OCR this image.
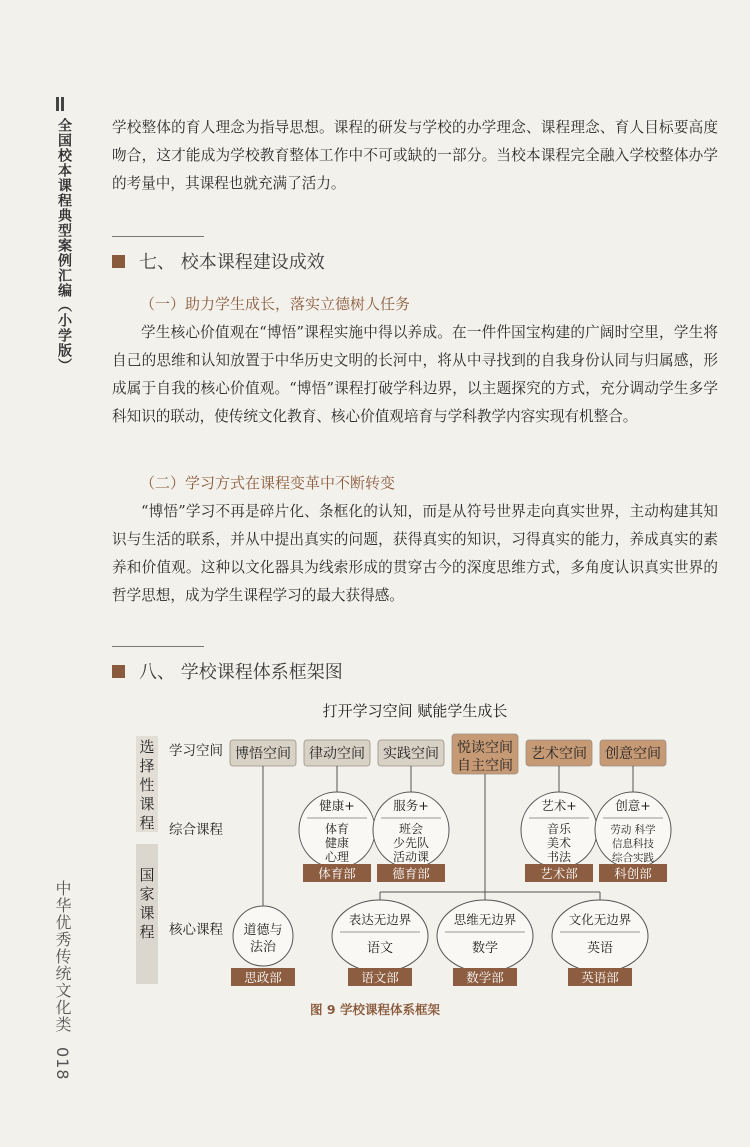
全国校本课程典型案例汇编（小学版）
中华优秀传统文化类018

学校整体的育人理念为指导思想。课程的研发与学校的办学理念、课程理念、育人目标要高度吻合，这才能成为学校教育整体工作中不可或缺的一部分。当校本课程完全融入学校整体办学的考量中，其课程也就充满了活力。

七、 校本课程建设成效
（一）助力学生成长，落实立德树人任务

学生核心价值观在“博悟”课程实施中得以养成。在一件件国宝构建的广阔时空里，学生将自己的思维和认知放置于中华历史文明的长河中，将从中寻找到的自我身份认同与归属感，形成属于自我的核心价值观。“博悟”课程打破学科边界，以主题探究的方式，充分调动学生多学科知识的联动，使传统文化教育、核心价值观培育与学科教学内容实现有机整合。

（二）学习方式在课程变革中不断转变

“博悟”学习不再是碎片化、条框化的认知，而是从符号世界走向真实世界，主动构建其知识与生活的联系，并从中提出真实的问题，获得真实的知识，习得真实的能力，养成真实的素养和价值观。这种以文化器具为线索形成的贯穿古今的深度思维方式，多角度认识真实世界的哲学思想，成为学生课程学习的最大获得感。

八、 学校课程体系框架图
打开学习空间 赋能学生成长
选
择
性
课
程
国
家
课
程
学习空间
综合课程
核心课程
博悟空间 律动空间 实践空间 悦读空间
自主空间
艺术空间 创意空间
健康+
体育
健康
心理
体育部
服务+
班会
少先队
活动课
德育部
艺术+
音乐
美术
书法
艺术部
创意+
劳动 科学
信息科技
综合实践
科创部
道德与
法治
思政部
表达无边界
语文
语文部
思维无边界
数学
数学部
文化无边界
英语
英语部
图 9 学校课程体系框架
